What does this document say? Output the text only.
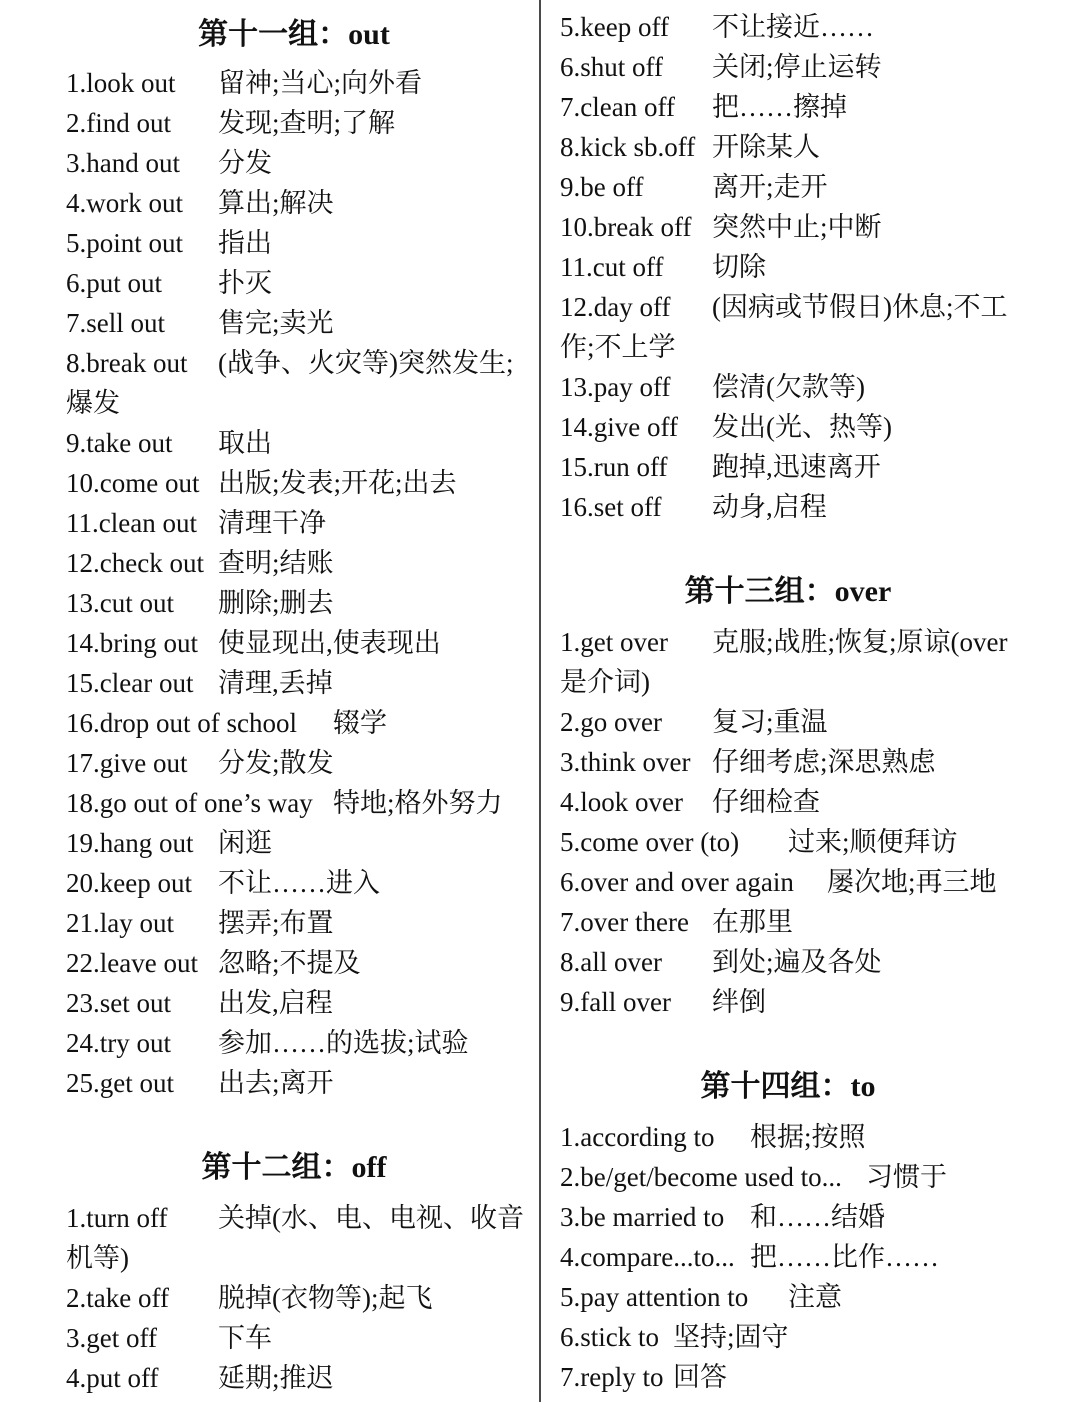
第十一组：out
1.look out 留神;当心;向外看
2.find out 发现;查明;了解
3.hand out 分发
4.work out 算出;解决
5.point out 指出
6.put out 扑灭
7.sell out 售完;卖光
8.break out (战争、火灾等)突然发生;
爆发
9.take out 取出
10.come out 出版;发表;开花;出去
11.clean out 清理干净
12.check out 查明;结账
13.cut out 删除;删去
14.bring out 使显现出,使表现出
15.clear out 清理,丢掉
16.drop out of school 辍学
17.give out 分发;散发
18.go out of one’s way 特地;格外努力
19.hang out 闲逛
20.keep out 不让……进入
21.lay out 摆弄;布置
22.leave out 忽略;不提及
23.set out 出发,启程
24.try out 参加……的选拔;试验
25.get out 出去;离开
第十二组：off
1.turn off 关掉(水、电、电视、收音
机等)
2.take off 脱掉(衣物等);起飞
3.get off 下车
4.put off 延期;推迟
5.keep off 不让接近……
6.shut off 关闭;停止运转
7.clean off 把……擦掉
8.kick sb.off 开除某人
9.be off	离开;走开
10.break off 突然中止;中断
11.cut off 切除
12.day off (因病或节假日)休息;不工
作;不上学
13.pay off 偿清(欠款等)
14.give off 发出(光、热等)
15.run off 跑掉,迅速离开
16.set off 动身,启程
第十三组：over
1.get over 克服;战胜;恢复;原谅(over
是介词)
2.go over 复习;重温
3.think over 仔细考虑;深思熟虑
4.look over 仔细检查
5.come over (to) 过来;顺便拜访
6.over and over again 屡次地;再三地
7.over there 在那里
8.all over 到处;遍及各处
9.fall over 绊倒
第十四组：to
1.according to 根据;按照
2.be/get/become used to... 习惯于
3.be married to 和……结婚
4.compare...to... 把……比作……
5.pay attention to 注意
6.stick to 坚持;固守
7.reply to 回答
